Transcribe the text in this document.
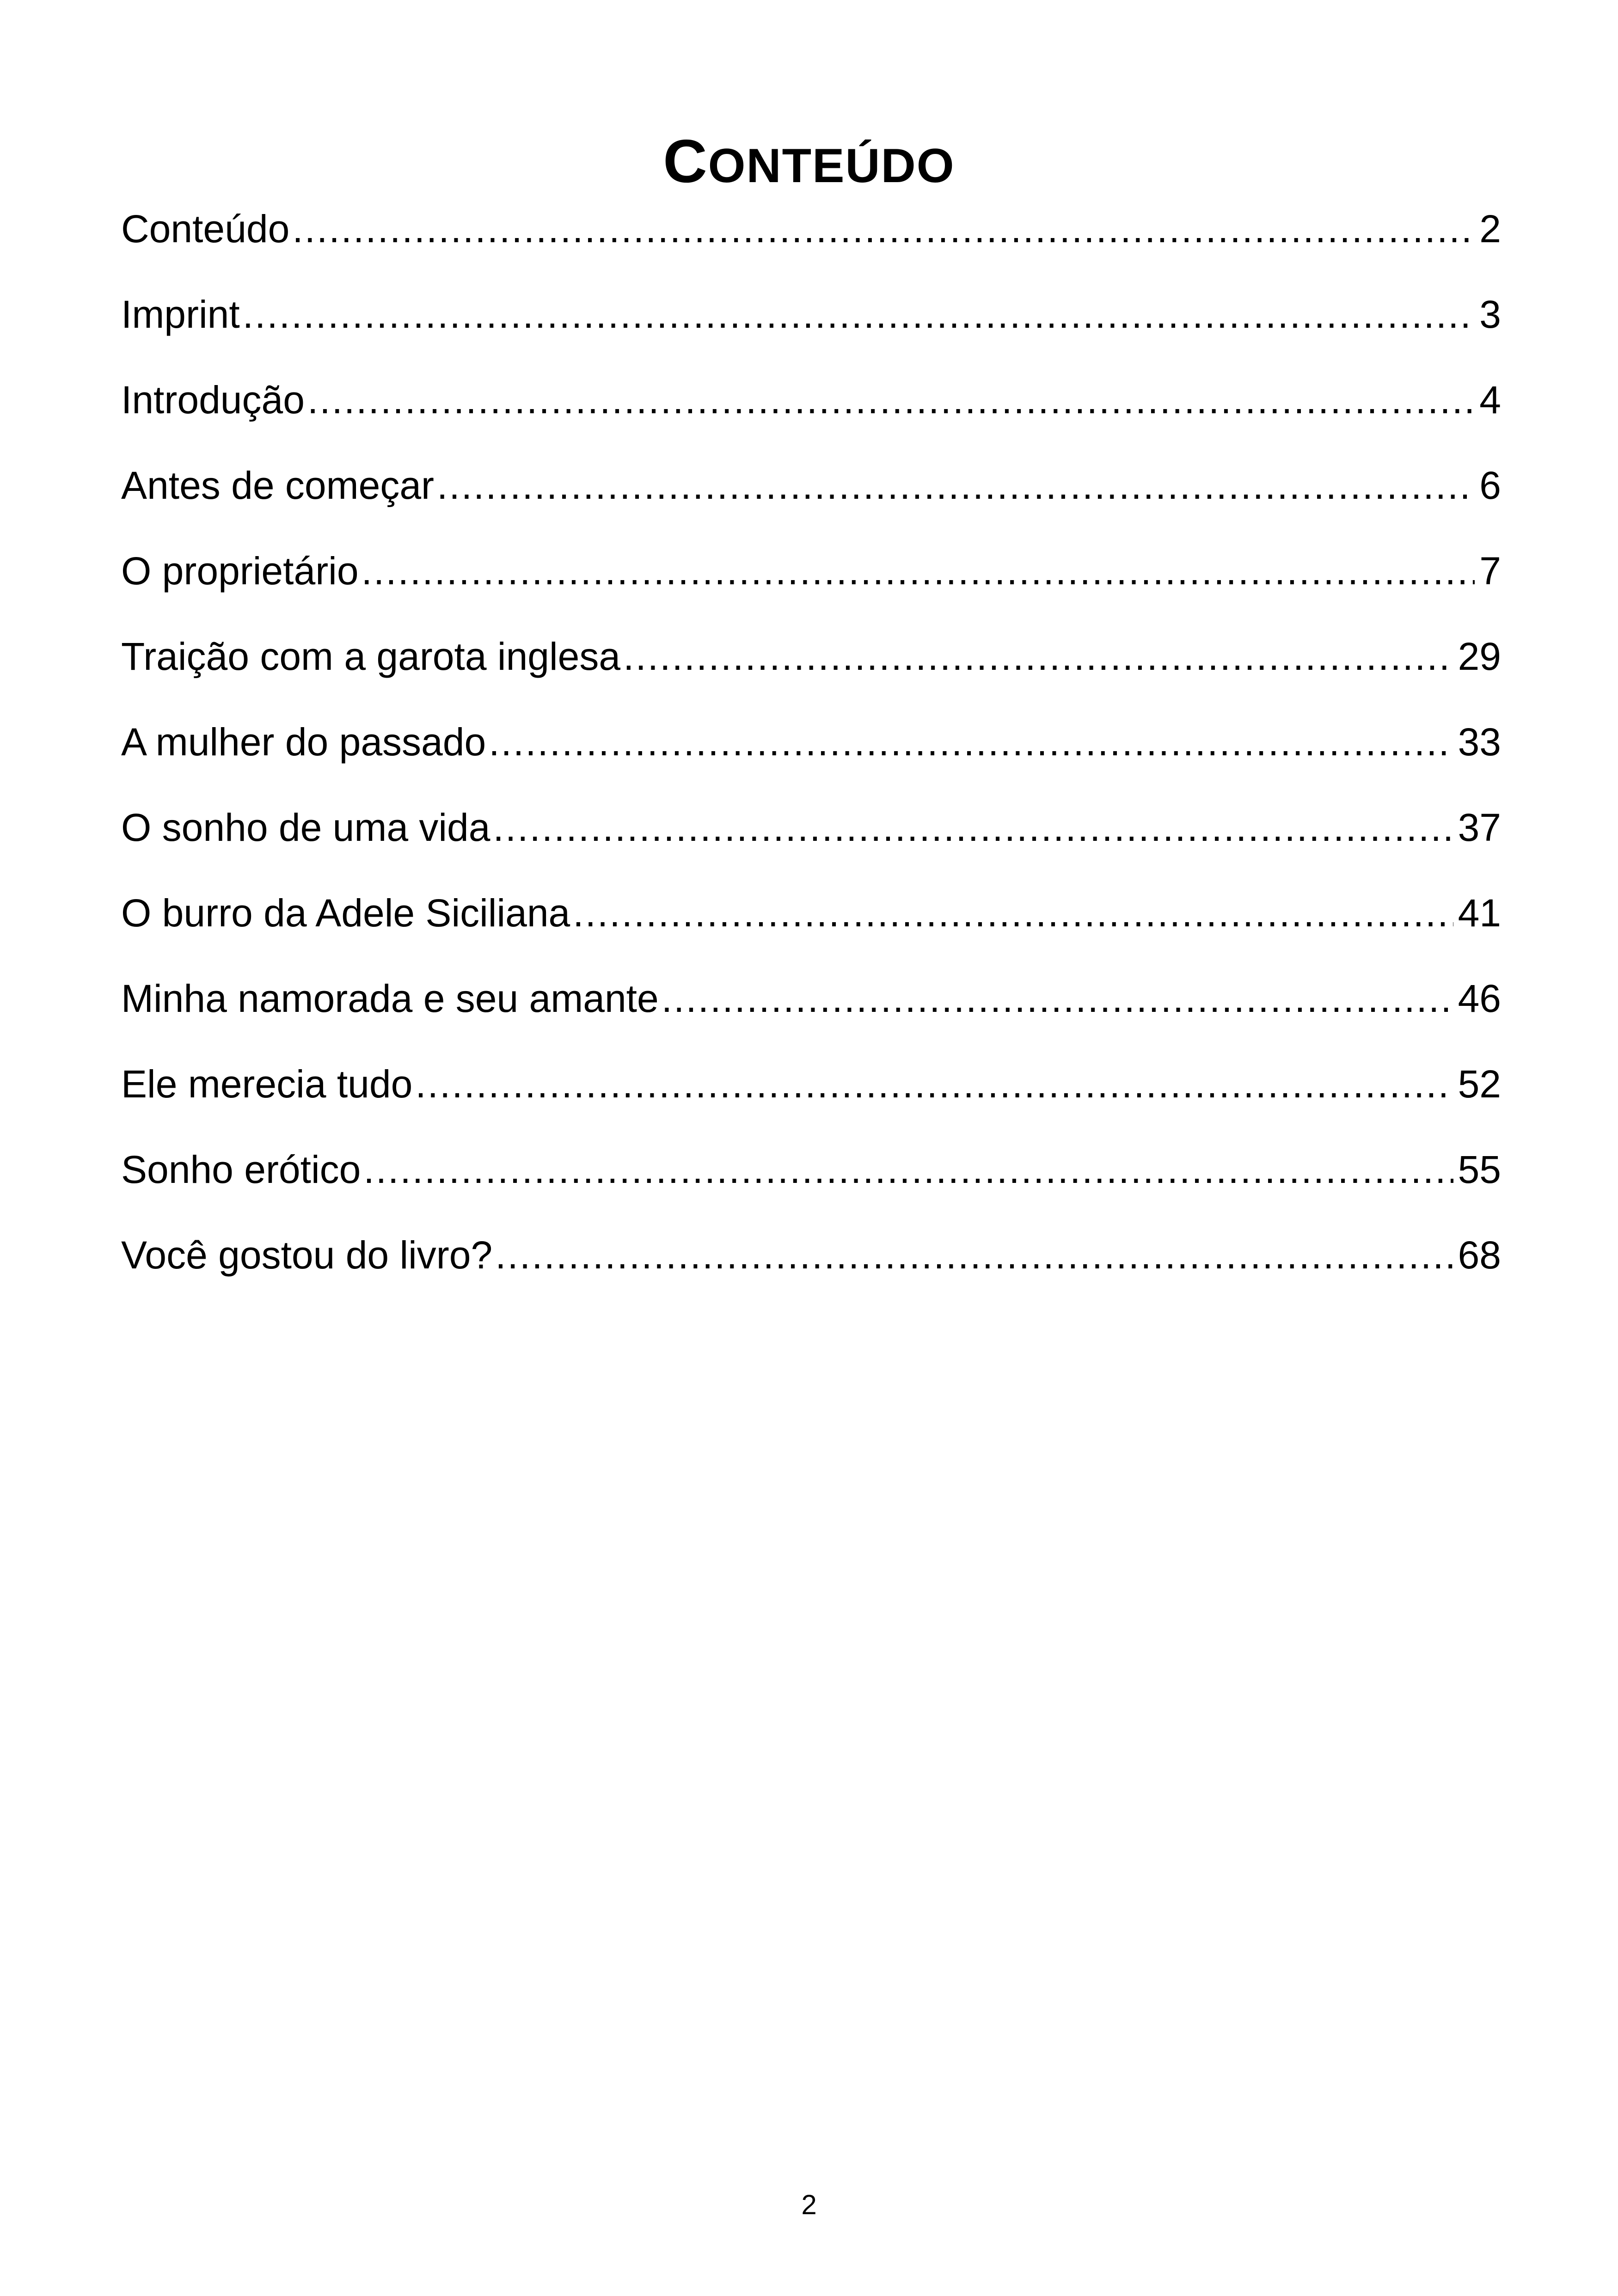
CONTEÚDO
Conteúdo .....	2
Imprint .....	3
Introdução .....	4
Antes de começar .....	6
O proprietário .....	7
Traição com a garota inglesa .....	29
A mulher do passado .....	33
O sonho de uma vida .....	37
O burro da Adele Siciliana .....	41
Minha namorada e seu amante .....	46
Ele merecia tudo .....	52
Sonho erótico .....	55
Você gostou do livro? .....	68
2
